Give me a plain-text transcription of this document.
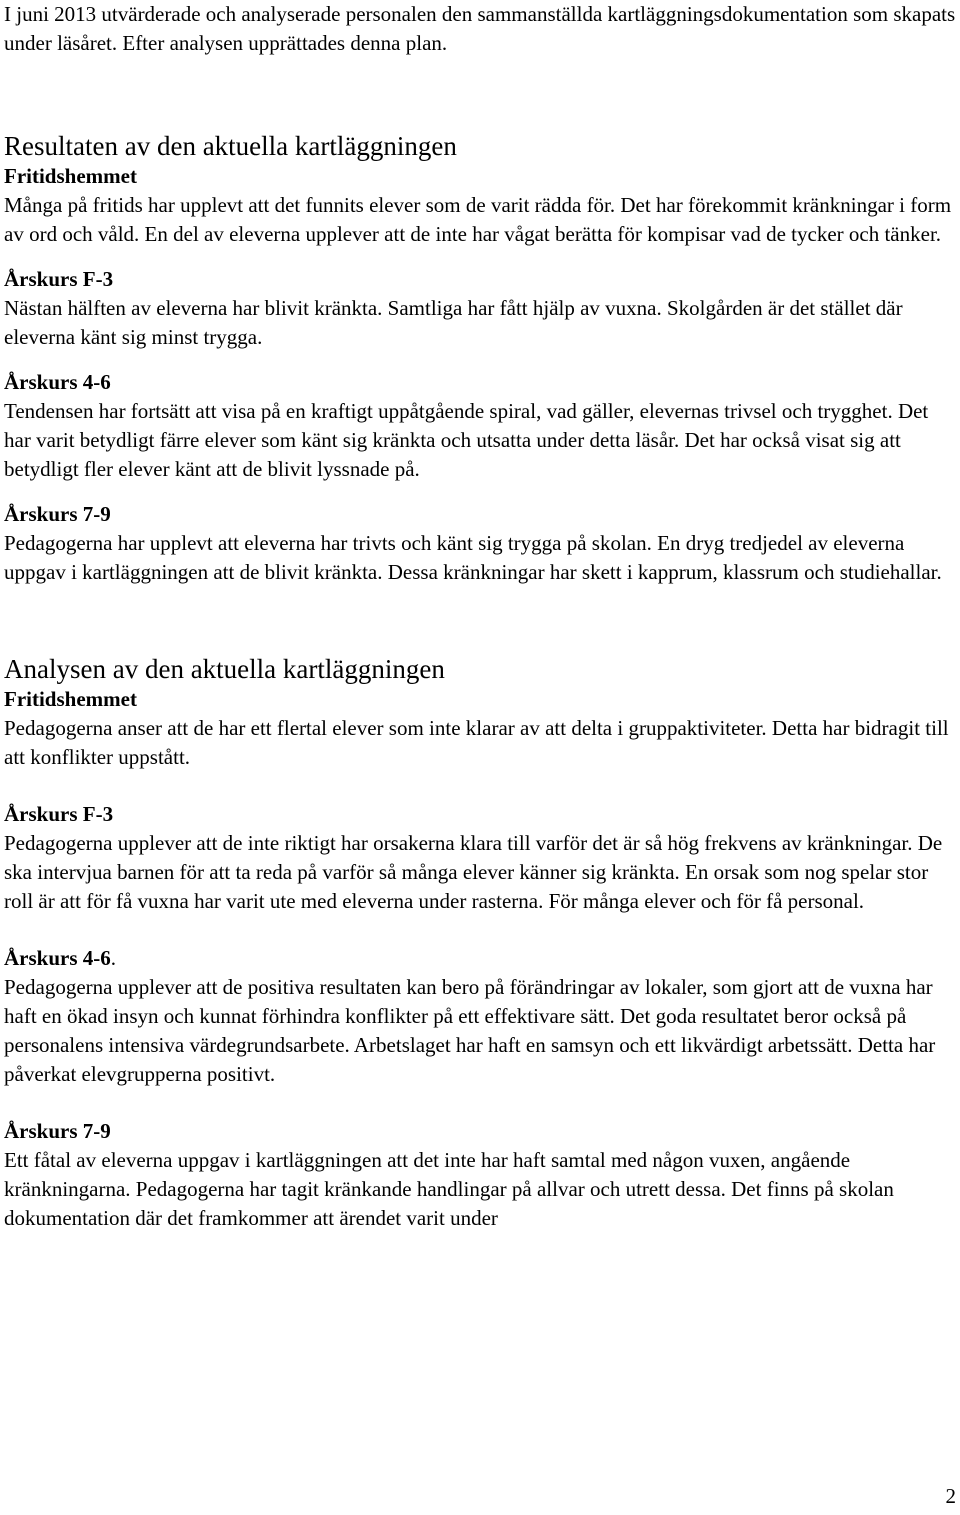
I juni 2013 utvärderade och analyserade personalen den sammanställda kartläggningsdokumentation som skapats under läsåret. Efter analysen upprättades denna plan.

Resultaten av den aktuella kartläggningen

Fritidshemmet

Många på fritids har upplevt att det funnits elever som de varit rädda för. Det har förekommit kränkningar i form av ord och våld. En del av eleverna upplever att de inte har vågat berätta för kompisar vad de tycker och tänker.

Årskurs F-3

Nästan hälften av eleverna har blivit kränkta. Samtliga har fått hjälp av vuxna. Skolgården är det stället där eleverna känt sig minst trygga.

Årskurs 4-6

Tendensen har fortsätt att visa på en kraftigt uppåtgående spiral, vad gäller, elevernas trivsel och trygghet. Det har varit betydligt färre elever som känt sig kränkta och utsatta under detta läsår. Det har också visat sig att betydligt fler elever känt att de blivit lyssnade på.

Årskurs 7-9

Pedagogerna har upplevt att eleverna har trivts och känt sig trygga på skolan. En dryg tredjedel av eleverna uppgav i kartläggningen att de blivit kränkta. Dessa kränkningar har skett i kapprum, klassrum och studiehallar.

Analysen av den aktuella kartläggningen

Fritidshemmet

Pedagogerna anser att de har ett flertal elever som inte klarar av att delta i gruppaktiviteter. Detta har bidragit till att konflikter uppstått.

Årskurs F-3

Pedagogerna upplever att de inte riktigt har orsakerna klara till varför det är så hög frekvens av kränkningar. De ska intervjua barnen för att ta reda på varför så många elever känner sig kränkta. En orsak som nog spelar stor roll är att för få vuxna har varit ute med eleverna under rasterna. För många elever och för få personal.

Årskurs 4-6.

Pedagogerna upplever att de positiva resultaten kan bero på förändringar av lokaler, som gjort att de vuxna har haft en ökad insyn och kunnat förhindra konflikter på ett effektivare sätt. Det goda resultatet beror också på personalens intensiva värdegrundsarbete. Arbetslaget har haft en samsyn och ett likvärdigt arbetssätt. Detta har påverkat elevgrupperna positivt.

Årskurs 7-9

Ett fåtal av eleverna uppgav i kartläggningen att det inte har haft samtal med någon vuxen, angående kränkningarna. Pedagogerna har tagit kränkande handlingar på allvar och utrett dessa. Det finns på skolan dokumentation där det framkommer att ärendet varit under

2
